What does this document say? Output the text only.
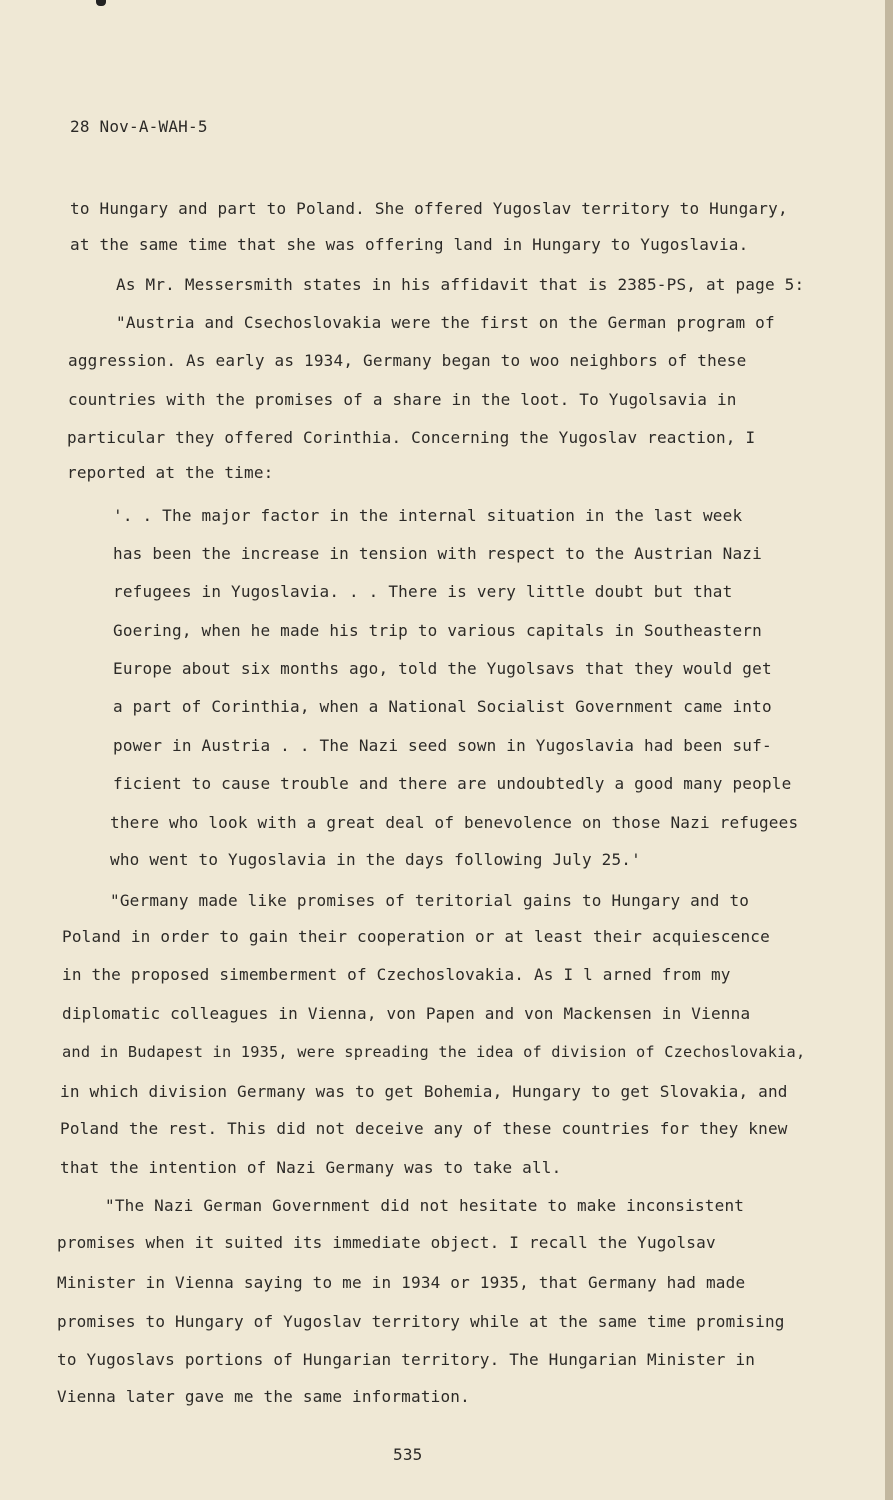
28 Nov-A-WAH-5
to Hungary and part to Poland. She offered Yugoslav territory to Hungary,
at the same time that she was offering land in Hungary to Yugoslavia.
As Mr. Messersmith states in his affidavit that is 2385-PS, at page 5:
"Austria and Csechoslovakia were the first on the German program of
aggression. As early as 1934, Germany began to woo neighbors of these
countries with the promises of a share in the loot. To Yugolsavia in
particular they offered Corinthia. Concerning the Yugoslav reaction, I
reported at the time:
'. . The major factor in the internal situation in the last week
has been the increase in tension with respect to the Austrian Nazi
refugees in Yugoslavia. . . There is very little doubt but that
Goering, when he made his trip to various capitals in Southeastern
Europe about six months ago, told the Yugolsavs that they would get
a part of Corinthia, when a National Socialist Government came into
power in Austria . . The Nazi seed sown in Yugoslavia had been suf-
ficient to cause trouble and there are undoubtedly a good many people
there who look with a great deal of benevolence on those Nazi refugees
who went to Yugoslavia in the days following July 25.'
"Germany made like promises of teritorial gains to Hungary and to
Poland in order to gain their cooperation or at least their acquiescence
in the proposed simemberment of Czechoslovakia. As I l arned from my
diplomatic colleagues in Vienna, von Papen and von Mackensen in Vienna
and in Budapest in 1935, were spreading the idea of division of Czechoslovakia,
in which division Germany was to get Bohemia, Hungary to get Slovakia, and
Poland the rest. This did not deceive any of these countries for they knew
that the intention of Nazi Germany was to take all.
"The Nazi German Government did not hesitate to make inconsistent
promises when it suited its immediate object. I recall the Yugolsav
Minister in Vienna saying to me in 1934 or 1935, that Germany had made
promises to Hungary of Yugoslav territory while at the same time promising
to Yugoslavs portions of Hungarian territory. The Hungarian Minister in
Vienna later gave me the same information.
535
